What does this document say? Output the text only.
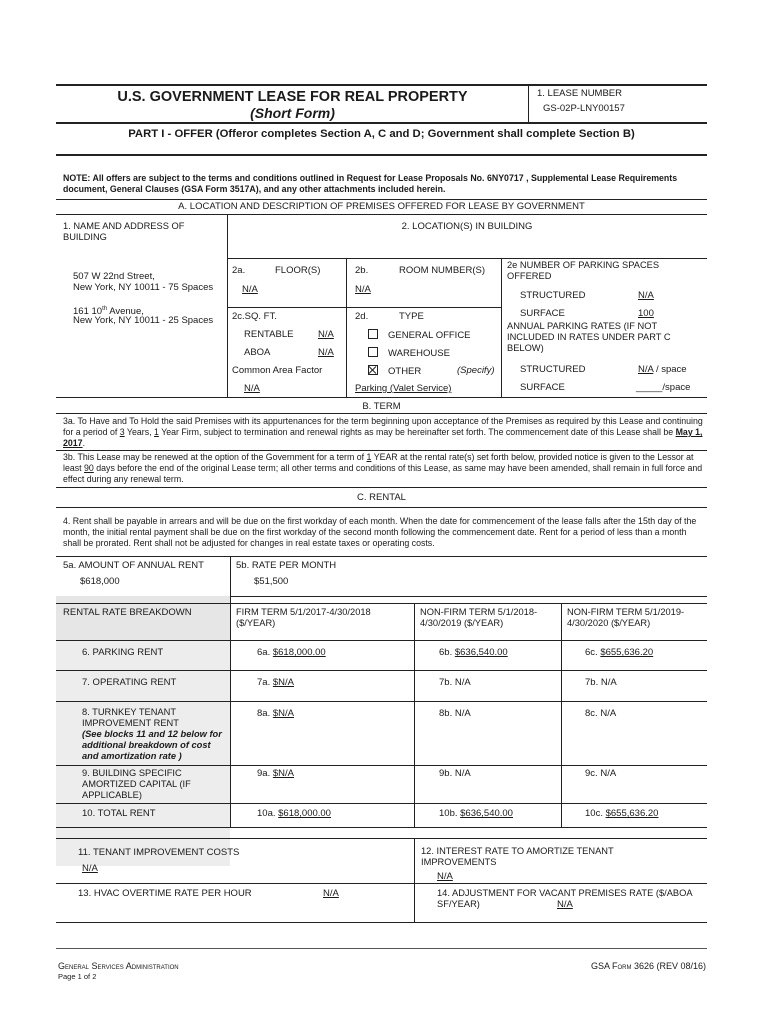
U.S. GOVERNMENT LEASE FOR REAL PROPERTY
(Short Form)
1. LEASE NUMBER
GS-02P-LNY00157
PART I - OFFER (Offeror completes Section A, C and D; Government shall complete Section B)
NOTE: All offers are subject to the terms and conditions outlined in Request for Lease Proposals No. 6NY0717 , Supplemental Lease Requirements document, General Clauses (GSA Form 3517A), and any other attachments included herein.
A. LOCATION AND DESCRIPTION OF PREMISES OFFERED FOR LEASE BY GOVERNMENT
1. NAME AND ADDRESS OF BUILDING
2. LOCATION(S) IN BUILDING
507 W 22nd Street,
New York, NY 10011 - 75 Spaces
161 10th Avenue,
New York, NY 10011 - 25 Spaces
2a.	FLOOR(S)
N/A
2b.	ROOM NUMBER(S)
N/A
2e NUMBER OF PARKING SPACES OFFERED
STRUCTURED	N/A
SURFACE	100
2c.SQ. FT.
RENTABLE	N/A
ABOA	N/A
Common Area Factor
N/A
2d.	TYPE
GENERAL OFFICE
WAREHOUSE
OTHER	(Specify)
Parking (Valet Service)
ANNUAL PARKING RATES (IF NOT INCLUDED IN RATES UNDER PART C BELOW)
STRUCTURED	N/A / space
SURFACE	_____/space
B. TERM
3a. To Have and To Hold the said Premises with its appurtenances for the term beginning upon acceptance of the Premises as required by this Lease and continuing for a period of 3 Years, 1 Year Firm, subject to termination and renewal rights as may be hereinafter set forth. The commencement date of this Lease shall be May 1, 2017.
3b. This Lease may be renewed at the option of the Government for a term of 1 YEAR at the rental rate(s) set forth below, provided notice is given to the Lessor at least 90 days before the end of the original Lease term; all other terms and conditions of this Lease, as same may have been amended, shall remain in full force and effect during any renewal term.
C. RENTAL
4. Rent shall be payable in arrears and will be due on the first workday of each month. When the date for commencement of the lease falls after the 15th day of the month, the initial rental payment shall be due on the first workday of the second month following the commencement date. Rent for a period of less than a month shall be prorated. Rent shall not be adjusted for changes in real estate taxes or operating costs.
5a. AMOUNT OF ANNUAL RENT
$618,000
5b. RATE PER MONTH
$51,500
RENTAL RATE BREAKDOWN	FIRM TERM 5/1/2017-4/30/2018 ($/YEAR)
NON-FIRM TERM 5/1/2018- 4/30/2019 ($/YEAR)
NON-FIRM TERM 5/1/2019- 4/30/2020 ($/YEAR)
6. PARKING RENT	6a. $618,000.00	6b. $636,540.00	6c. $655,636.20
7. OPERATING RENT	7a. $N/A	7b. N/A	7b. N/A
8. TURNKEY TENANT IMPROVEMENT RENT
(See blocks 11 and 12 below for additional breakdown of cost and amortization rate )
8a. $N/A	8b. N/A	8c. N/A
9. BUILDING SPECIFIC AMORTIZED CAPITAL (IF APPLICABLE)
9a. $N/A	9b. N/A	9c. N/A
10. TOTAL RENT	10a. $618,000.00	10b. $636,540.00	10c. $655,636.20
11. TENANT IMPROVEMENT COSTS
N/A
12. INTEREST RATE TO AMORTIZE TENANT IMPROVEMENTS
N/A
13. HVAC OVERTIME RATE PER HOUR	N/A	14. ADJUSTMENT FOR VACANT PREMISES RATE ($/ABOA SF/YEAR)	N/A
General Services Administration
Page 1 of 2
GSA Form 3626 (REV 08/16)
